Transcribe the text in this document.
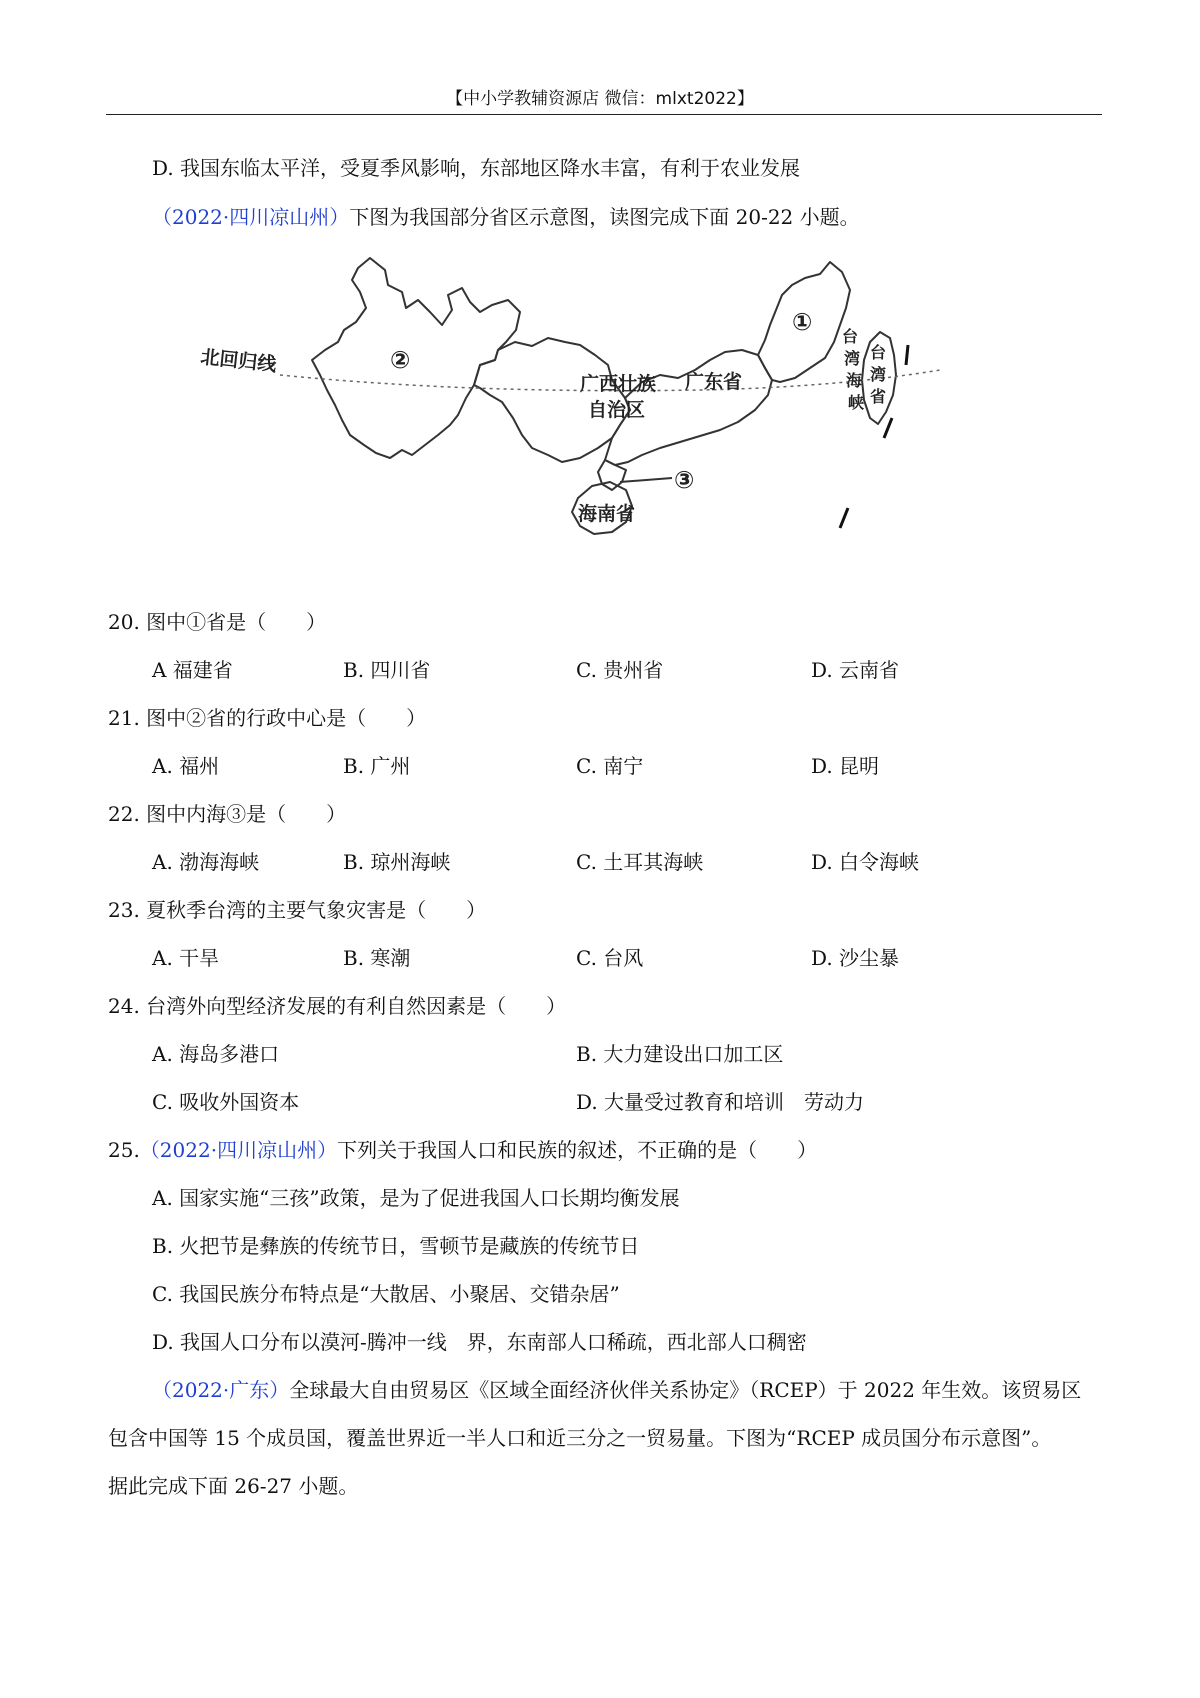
【中小学教辅资源店 微信：mlxt2022】
D. 我国东临太平洋，受夏季风影响，东部地区降水丰富，有利于农业发展
（2022·四川凉山州）下图为我国部分省区示意图，读图完成下面 20-22 小题。
北回归线	②
广西壮族
自治区
广东省
①
③
海南省
台
湾
海
峡
台
湾
省
20. 图中①省是（　　）
A 福建省	B. 四川省	C. 贵州省	D. 云南省
21. 图中②省的行政中心是（　　）
A. 福州	B. 广州	C. 南宁	D. 昆明
22. 图中内海③是（　　）
A. 渤海海峡	B. 琼州海峡	C. 土耳其海峡	D. 白令海峡
23. 夏秋季台湾的主要气象灾害是（　　）
A. 干旱	B. 寒潮	C. 台风	D. 沙尘暴
24. 台湾外向型经济发展的有利自然因素是（　　）
A. 海岛多港口	B. 大力建设出口加工区
C. 吸收外国资本	D. 大量受过教育和培训　劳动力
25.（2022·四川凉山州）下列关于我国人口和民族的叙述，不正确的是（　　）
A. 国家实施“三孩”政策，是为了促进我国人口长期均衡发展
B. 火把节是彝族的传统节日，雪顿节是藏族的传统节日
C. 我国民族分布特点是“大散居、小聚居、交错杂居”
D. 我国人口分布以漠河-腾冲一线　界，东南部人口稀疏，西北部人口稠密
（2022·广东）全球最大自由贸易区《区域全面经济伙伴关系协定》（RCEP）于 2022 年生效。该贸易区
包含中国等 15 个成员国，覆盖世界近一半人口和近三分之一贸易量。下图为“RCEP 成员国分布示意图”。
据此完成下面 26-27 小题。
